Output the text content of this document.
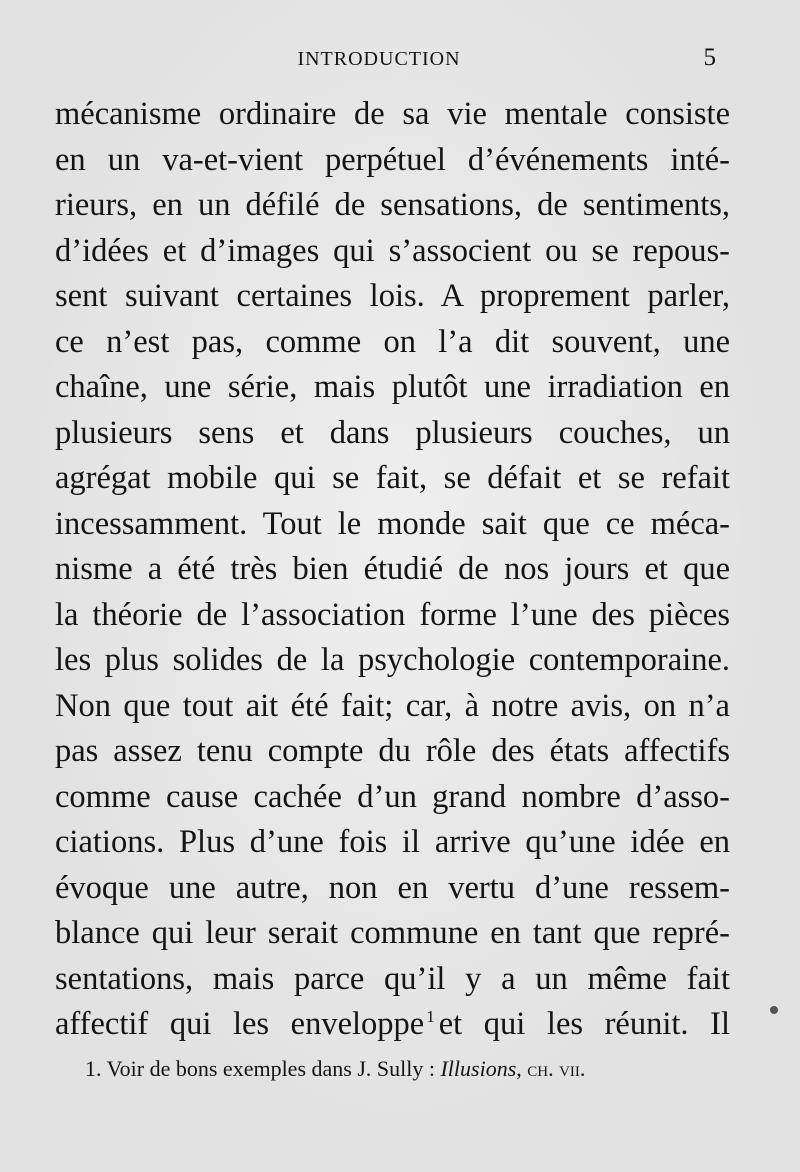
INTRODUCTION	5
mécanisme ordinaire de sa vie mentale consiste
en un va-et-vient perpétuel d’événements inté-
rieurs, en un défilé de sensations, de sentiments,
d’idées et d’images qui s’associent ou se repous-
sent suivant certaines lois. A proprement parler,
ce n’est pas, comme on l’a dit souvent, une
chaîne, une série, mais plutôt une irradiation en
plusieurs sens et dans plusieurs couches, un
agrégat mobile qui se fait, se défait et se refait
incessamment. Tout le monde sait que ce méca-
nisme a été très bien étudié de nos jours et que
la théorie de l’association forme l’une des pièces
les plus solides de la psychologie contemporaine.
Non que tout ait été fait; car, à notre avis, on n’a
pas assez tenu compte du rôle des états affectifs
comme cause cachée d’un grand nombre d’asso-
ciations. Plus d’une fois il arrive qu’une idée en
évoque une autre, non en vertu d’une ressem-
blance qui leur serait commune en tant que repré-
sentations, mais parce qu’il y a un même fait
affectif qui les enveloppe $^1$ et qui les réunit. Il
1. Voir de bons exemples dans J. Sully : Illusions, ch. vii.
